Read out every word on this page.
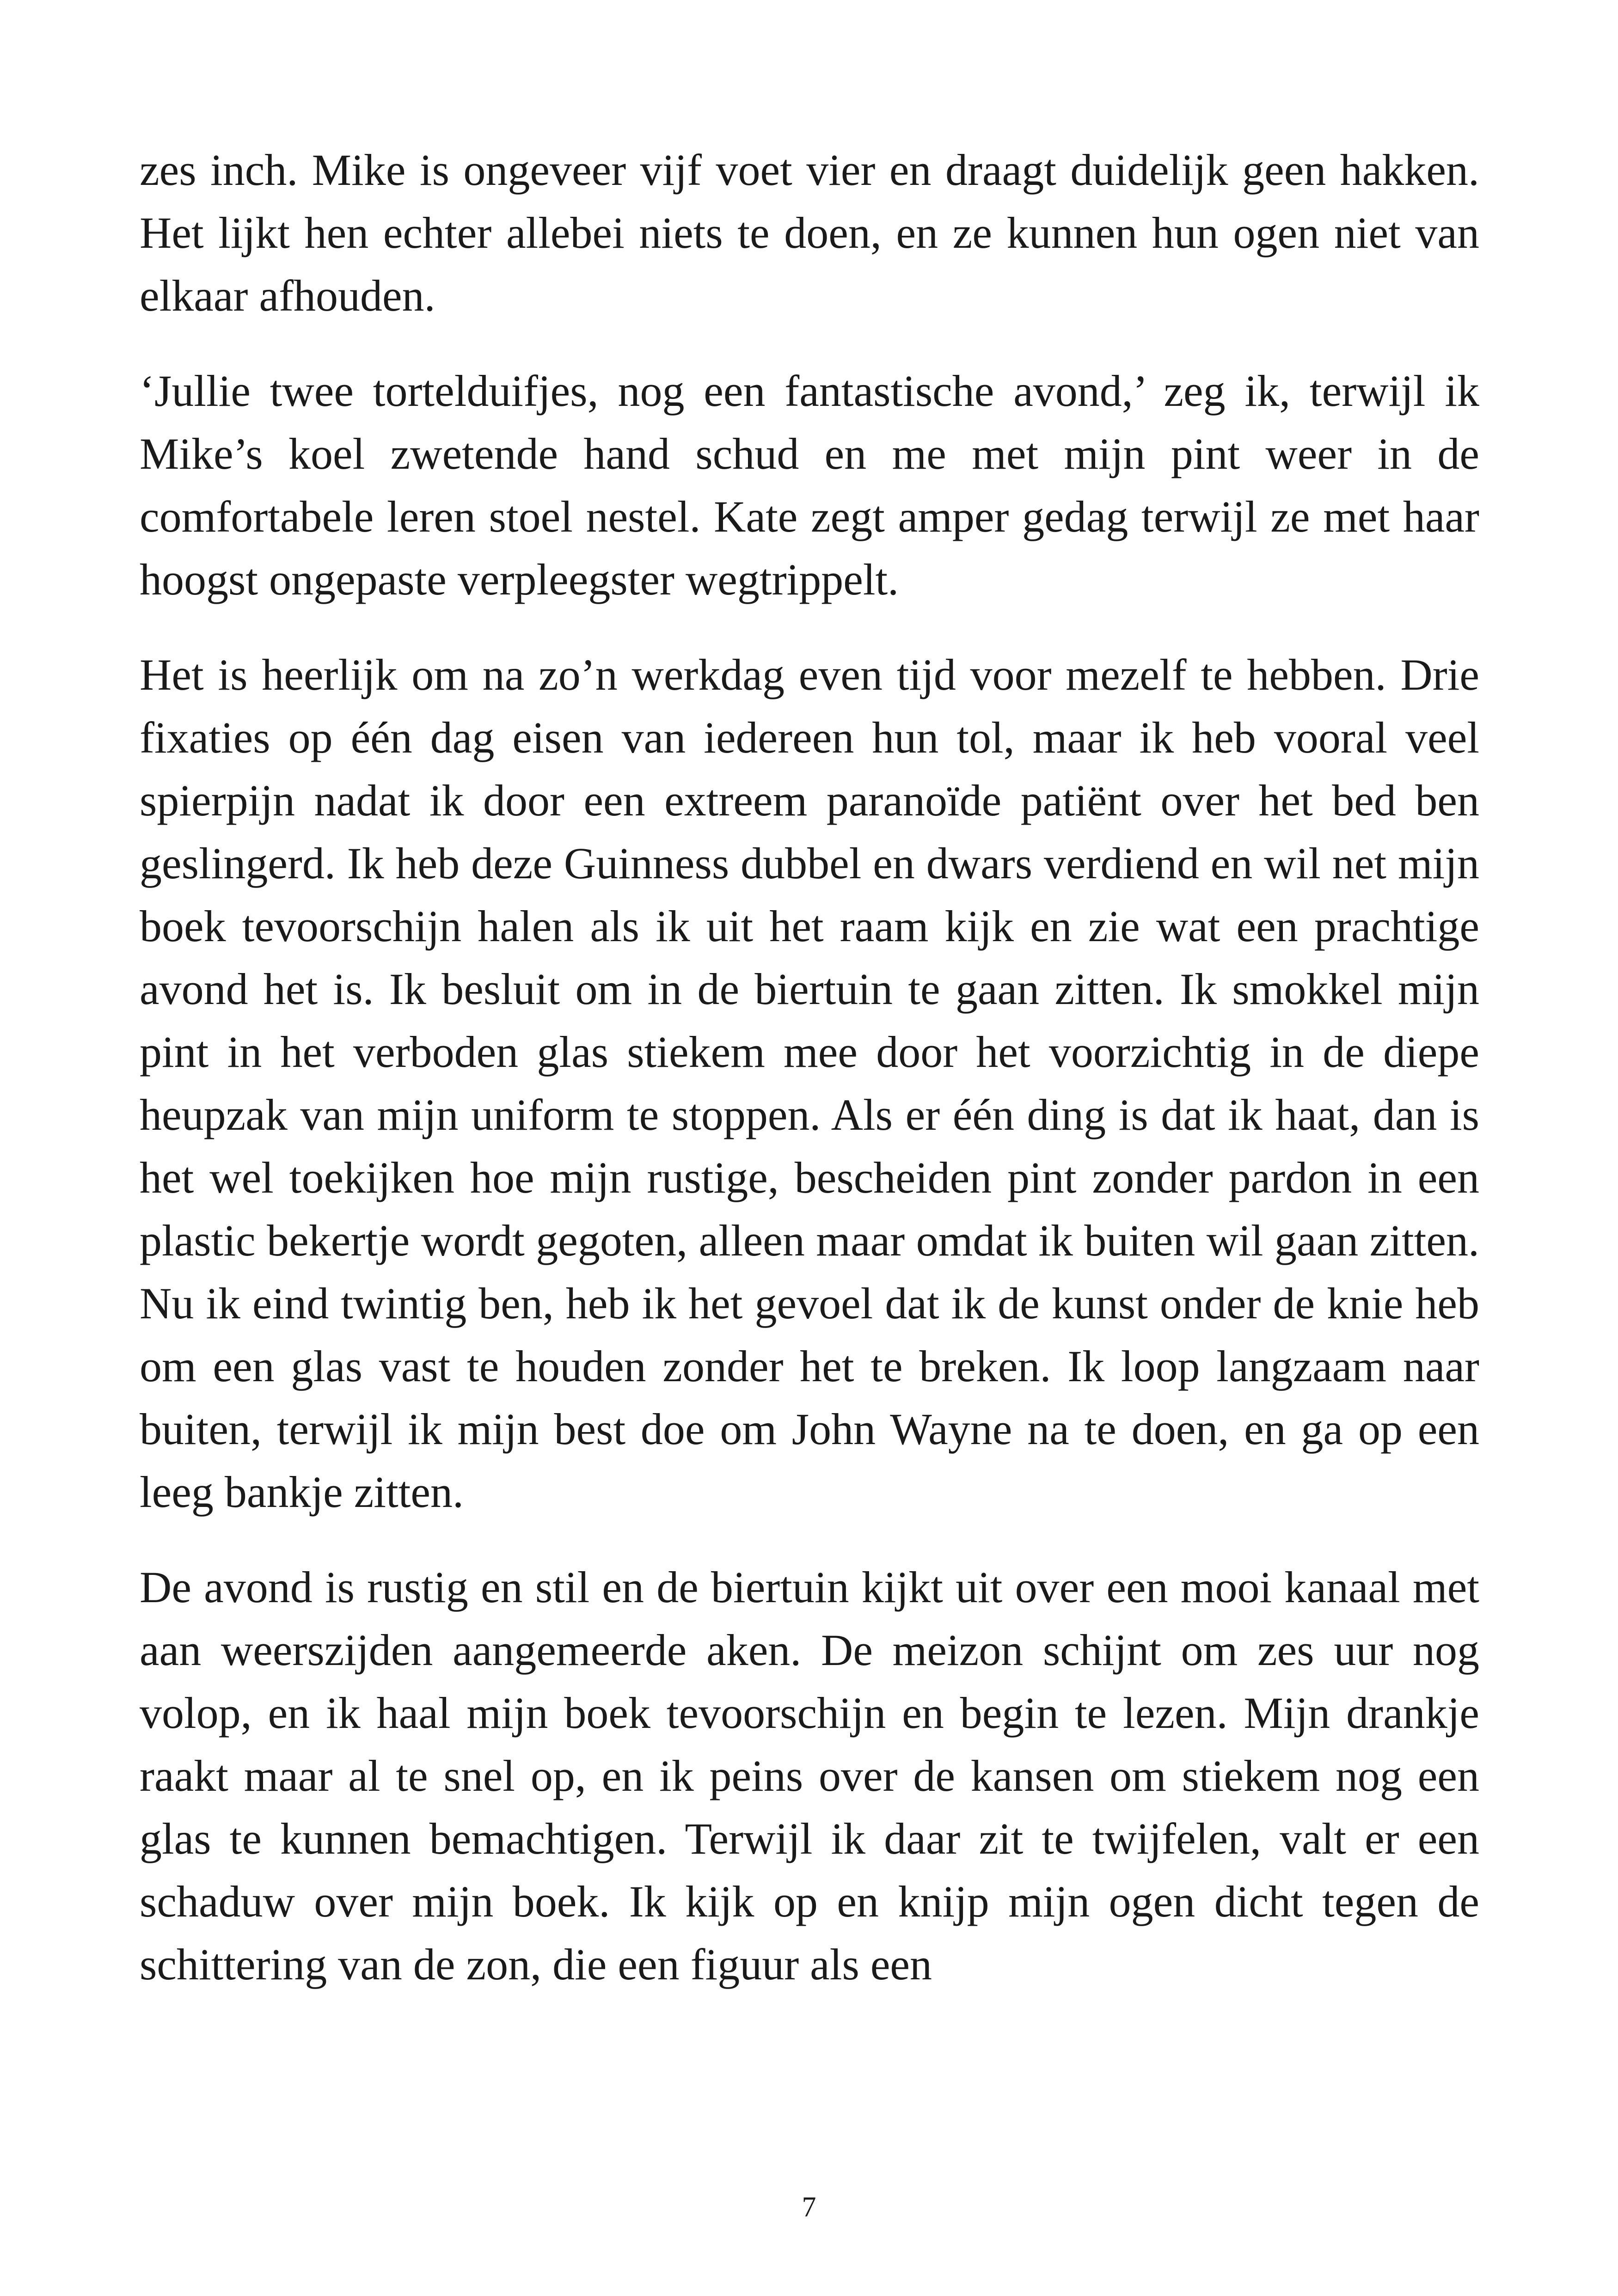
zes inch. Mike is ongeveer vijf voet vier en draagt duidelijk geen hakken. Het lijkt hen echter allebei niets te doen, en ze kunnen hun ogen niet van elkaar afhouden.

‘Jullie twee tortelduifjes, nog een fantastische avond,’ zeg ik, terwijl ik Mike’s koel zwetende hand schud en me met mijn pint weer in de comfortabele leren stoel nestel. Kate zegt amper gedag terwijl ze met haar hoogst ongepaste verpleegster wegtrippelt.

Het is heerlijk om na zo’n werkdag even tijd voor mezelf te hebben. Drie fixaties op één dag eisen van iedereen hun tol, maar ik heb vooral veel spierpijn nadat ik door een extreem paranoïde patiënt over het bed ben geslingerd. Ik heb deze Guinness dubbel en dwars verdiend en wil net mijn boek tevoorschijn halen als ik uit het raam kijk en zie wat een prachtige avond het is. Ik besluit om in de biertuin te gaan zitten. Ik smokkel mijn pint in het verboden glas stiekem mee door het voorzichtig in de diepe heupzak van mijn uniform te stoppen. Als er één ding is dat ik haat, dan is het wel toekijken hoe mijn rustige, bescheiden pint zonder pardon in een plastic bekertje wordt gegoten, alleen maar omdat ik buiten wil gaan zitten. Nu ik eind twintig ben, heb ik het gevoel dat ik de kunst onder de knie heb om een glas vast te houden zonder het te breken. Ik loop langzaam naar buiten, terwijl ik mijn best doe om John Wayne na te doen, en ga op een leeg bankje zitten.

De avond is rustig en stil en de biertuin kijkt uit over een mooi kanaal met aan weerszijden aangemeerde aken. De meizon schijnt om zes uur nog volop, en ik haal mijn boek tevoorschijn en begin te lezen. Mijn drankje raakt maar al te snel op, en ik peins over de kansen om stiekem nog een glas te kunnen bemachtigen. Terwijl ik daar zit te twijfelen, valt er een schaduw over mijn boek. Ik kijk op en knijp mijn ogen dicht tegen de schittering van de zon, die een figuur als een

7
